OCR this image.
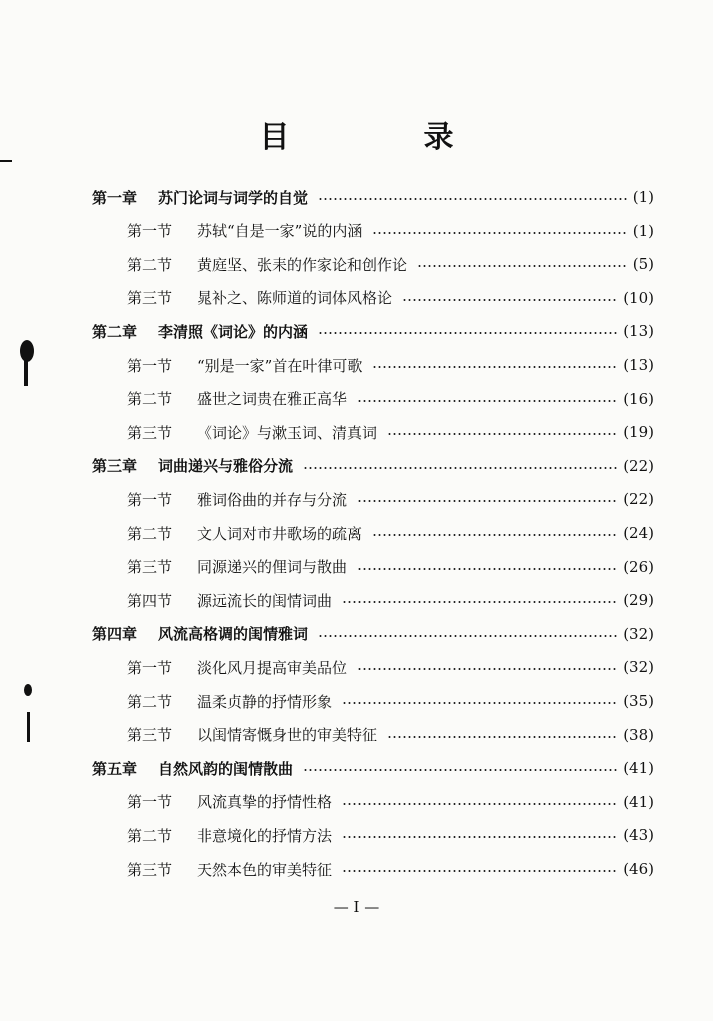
目　录
第一章	苏门论词与词学的自觉	(1)
第一节	苏轼“自是一家”说的内涵	(1)
第二节	黄庭坚、张耒的作家论和创作论	(5)
第三节	晁补之、陈师道的词体风格论	(10)
第二章	李清照《词论》的内涵	(13)
第一节	“别是一家”首在叶律可歌	(13)
第二节	盛世之词贵在雅正高华	(16)
第三节	《词论》与漱玉词、清真词	(19)
第三章	词曲递兴与雅俗分流	(22)
第一节	雅词俗曲的并存与分流	(22)
第二节	文人词对市井歌场的疏离	(24)
第三节	同源递兴的俚词与散曲	(26)
第四节	源远流长的闺情词曲	(29)
第四章	风流高格调的闺情雅词	(32)
第一节	淡化风月提高审美品位	(32)
第二节	温柔贞静的抒情形象	(35)
第三节	以闺情寄慨身世的审美特征	(38)
第五章	自然风韵的闺情散曲	(41)
第一节	风流真挚的抒情性格	(41)
第二节	非意境化的抒情方法	(43)
第三节	天然本色的审美特征	(46)
— I —
